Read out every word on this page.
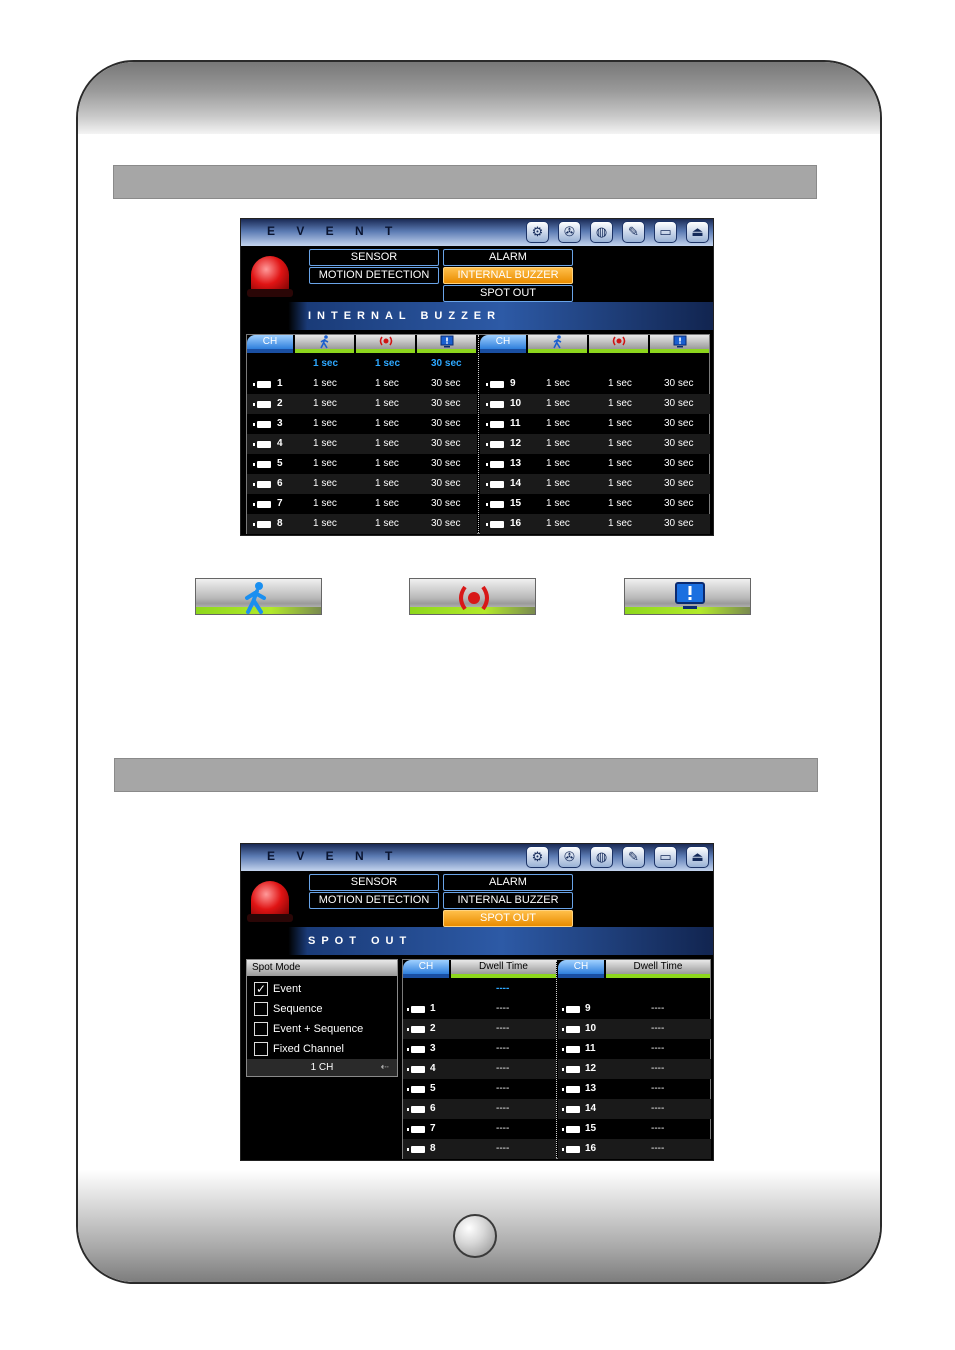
E V E N T	⚙	✇	◍	✎	▭	⏏
SENSOR	ALARM
MOTION DETECTION	INTERNAL BUZZER
SPOT OUT
INTERNAL BUZZER
CH	CH
1 sec	1 sec	30 sec
1	1 sec	1 sec	30 sec
2	1 sec	1 sec	30 sec
3	1 sec	1 sec	30 sec
4	1 sec	1 sec	30 sec
5	1 sec	1 sec	30 sec
6	1 sec	1 sec	30 sec
7	1 sec	1 sec	30 sec
8	1 sec	1 sec	30 sec
9	1 sec	1 sec	30 sec
10 1 sec	1 sec	30 sec
11	1 sec	1 sec	30 sec
12 1 sec	1 sec	30 sec
13 1 sec	1 sec	30 sec
14 1 sec	1 sec	30 sec
15 1 sec	1 sec	30 sec
16 1 sec	1 sec	30 sec
E V E N T	⚙	✇	◍	✎	▭	⏏
SENSOR	ALARM
MOTION DETECTION	INTERNAL BUZZER
SPOT OUT
SPOT OUT
Spot Mode
✓ Event
Sequence
Event + Sequence
Fixed Channel
1 CH	⇠
CH	Dwell Time	CH	Dwell Time
----
1	----
2	----
3	----
4	----
5	----
6	----
7	----
8	----
9	----
10	----
11	----
12	----
13	----
14	----
15	----
16	----
